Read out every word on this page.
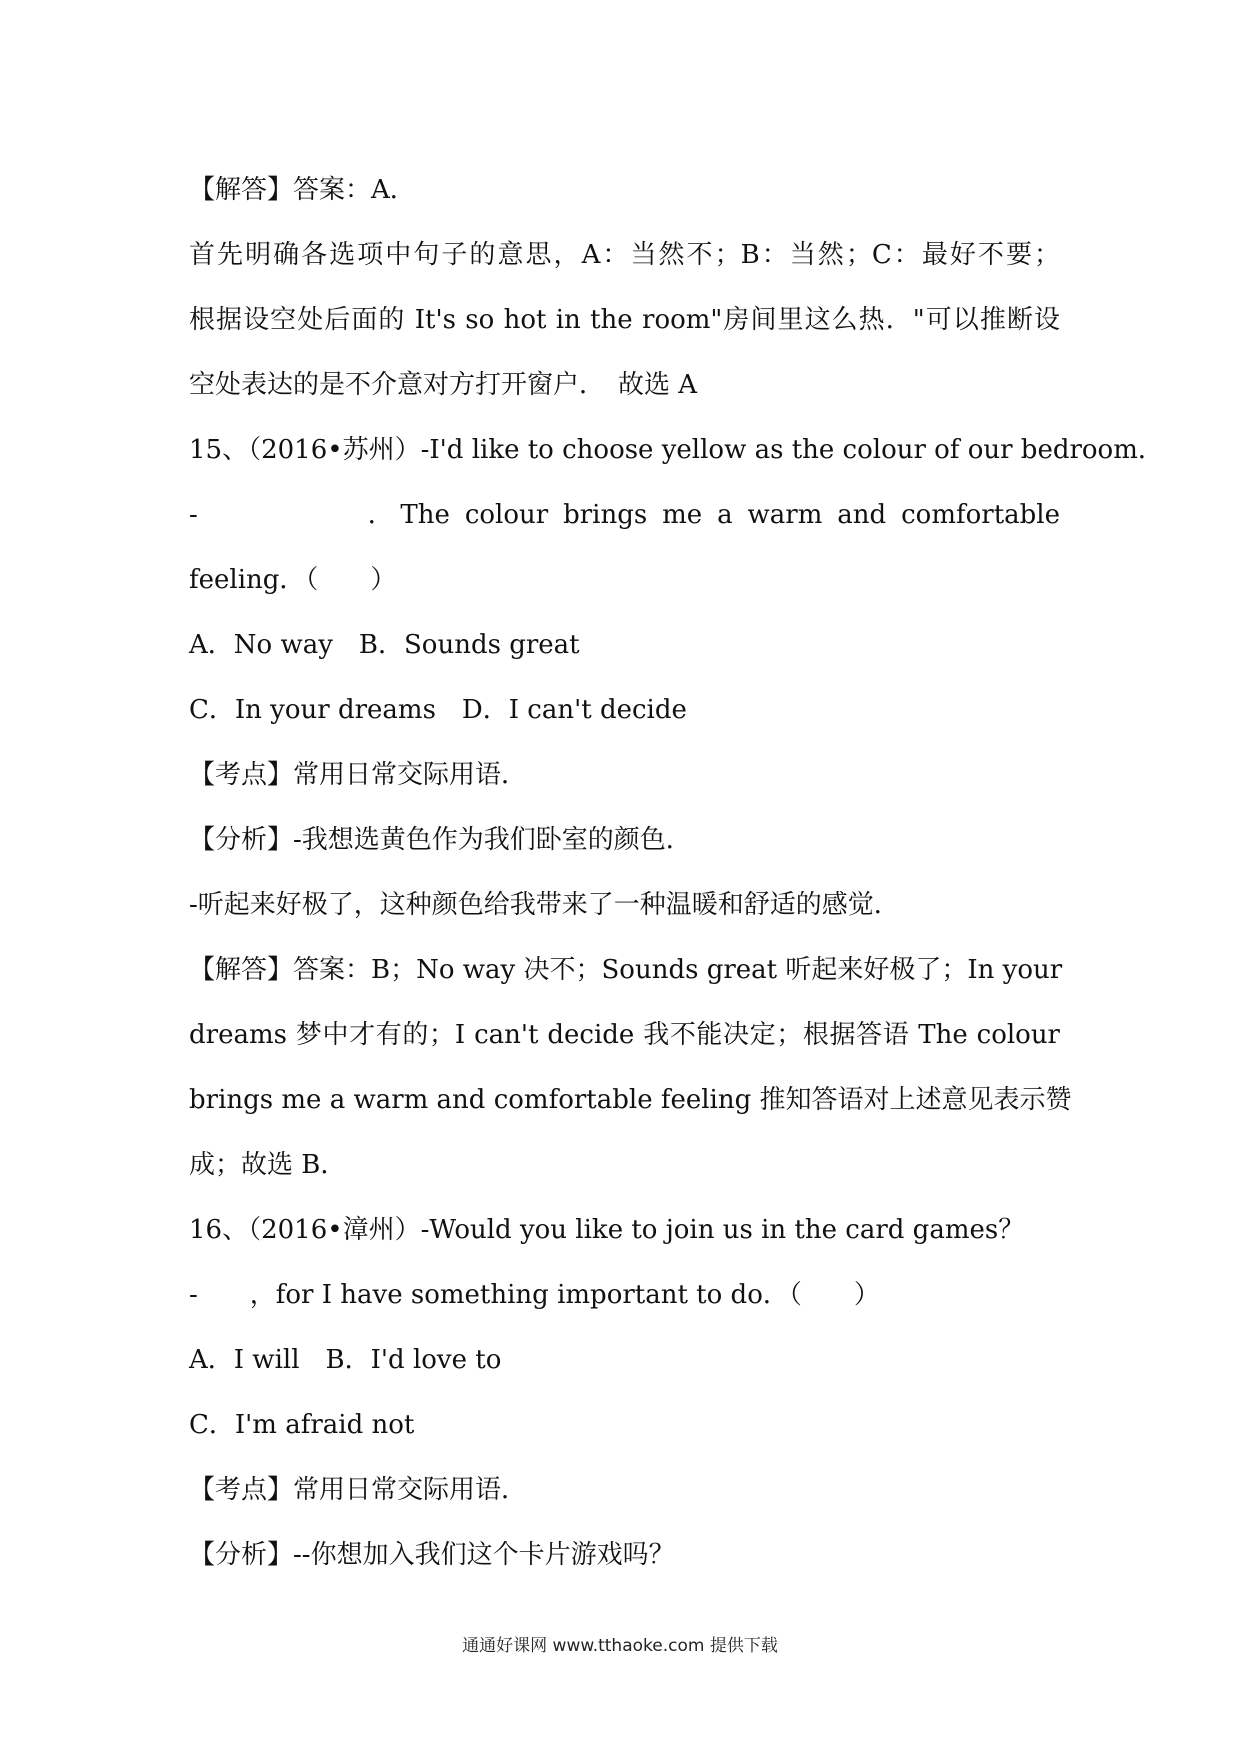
【解答】答案：A．
首先明确各选项中句子的意思，A：当然不；B：当然；C：最好不要；
根据设空处后面的 It's so hot in the room"房间里这么热．"可以推断设
空处表达的是不介意对方打开窗户．　故选 A
15、（2016•苏州）-I'd like to choose yellow as the colour of our bedroom．
-　　　　　．The colour brings me a warm and comfortable
feeling．（　　）
A．No way　B．Sounds great
C．In your dreams　D．I can't decide
【考点】常用日常交际用语．
【分析】-我想选黄色作为我们卧室的颜色．
-听起来好极了，这种颜色给我带来了一种温暖和舒适的感觉．
【解答】答案：B；No way 决不；Sounds great 听起来好极了；In your
dreams 梦中才有的；I can't decide 我不能决定；根据答语 The colour
brings me a warm and comfortable feeling 推知答语对上述意见表示赞
成；故选 B．
16、（2016•漳州）-Would you like to join us in the card games？
-　　，for I have something important to do．（　　）
A．I will　B．I'd love to
C．I'm afraid not
【考点】常用日常交际用语．
【分析】--你想加入我们这个卡片游戏吗？
通通好课网 www.tthaoke.com 提供下载
